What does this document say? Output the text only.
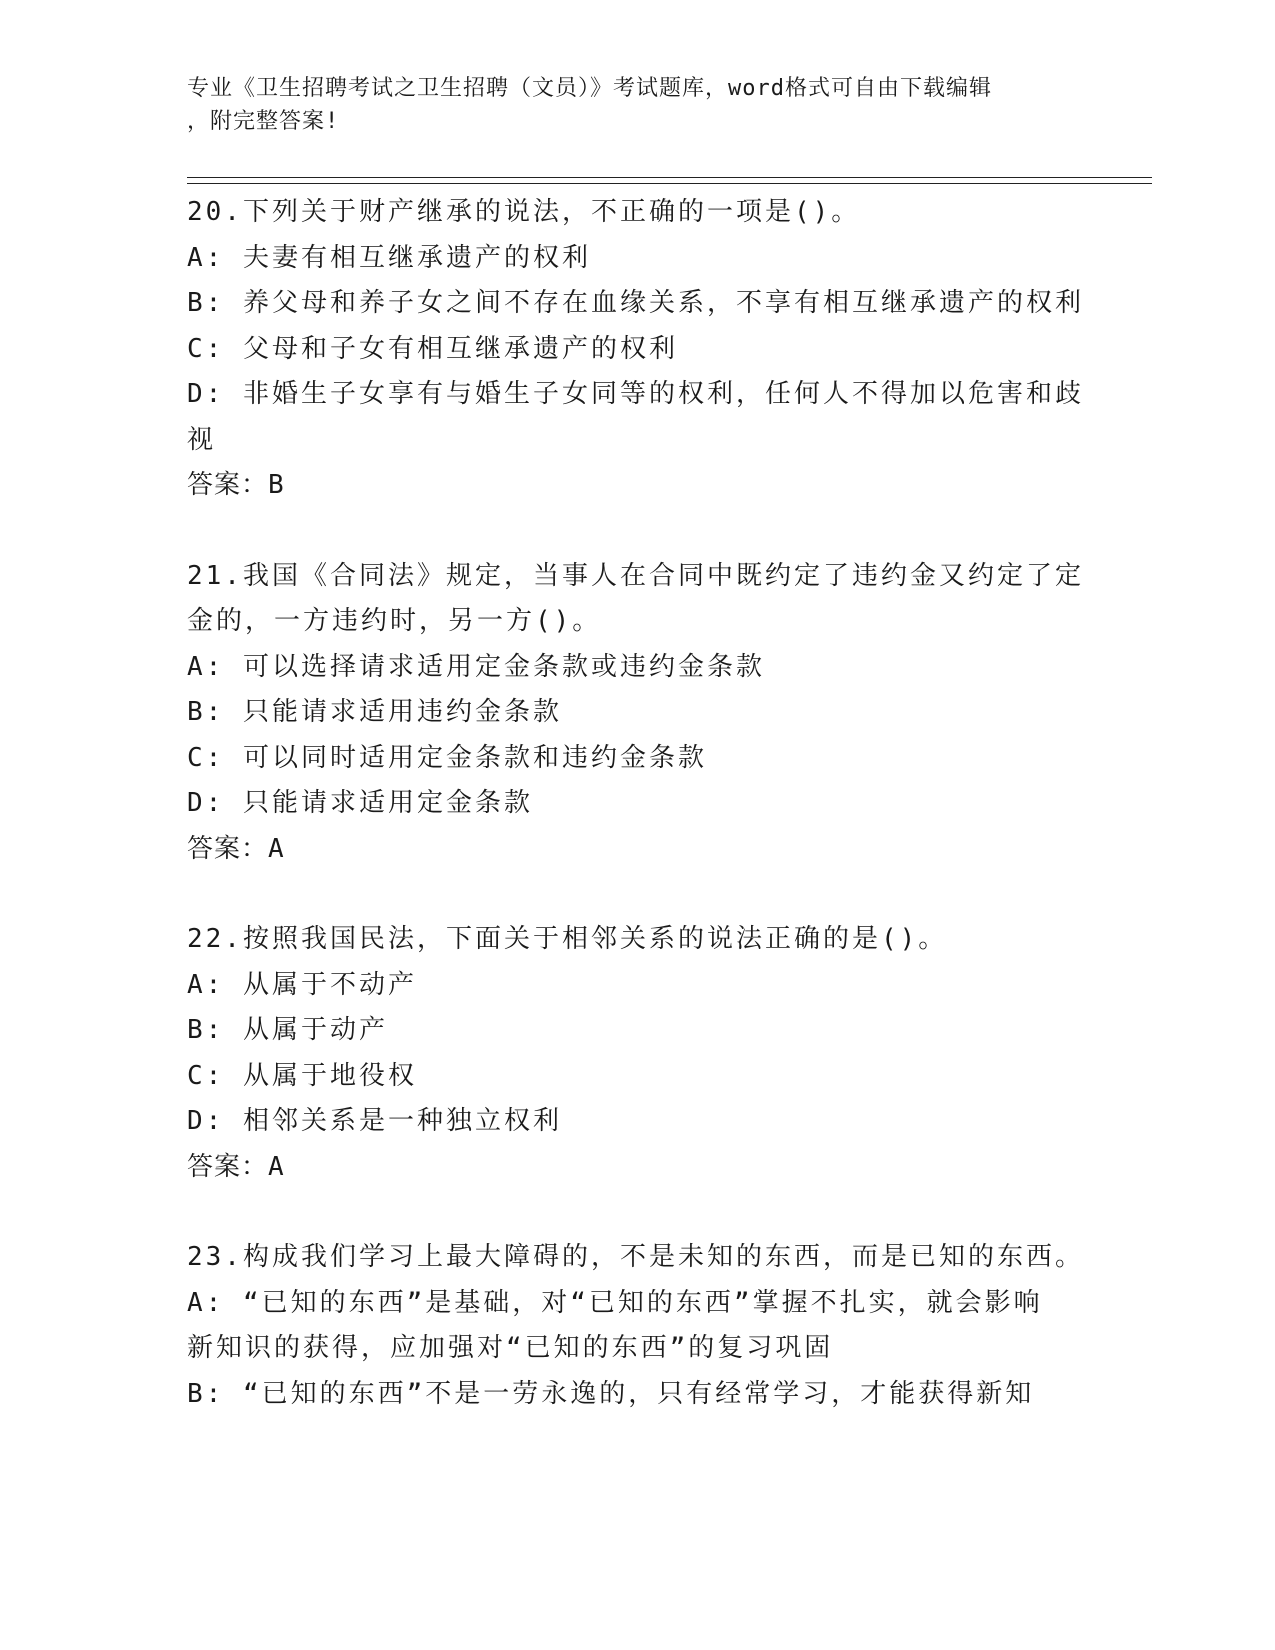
专业《卫生招聘考试之卫生招聘（文员）》考试题库，word格式可自由下载编辑
，附完整答案!
20.下列关于财产继承的说法，不正确的一项是()。
A: 夫妻有相互继承遗产的权利
B: 养父母和养子女之间不存在血缘关系，不享有相互继承遗产的权利
C: 父母和子女有相互继承遗产的权利
D: 非婚生子女享有与婚生子女同等的权利，任何人不得加以危害和歧
视
答案：B
21.我国《合同法》规定，当事人在合同中既约定了违约金又约定了定
金的，一方违约时，另一方()。
A: 可以选择请求适用定金条款或违约金条款
B: 只能请求适用违约金条款
C: 可以同时适用定金条款和违约金条款
D: 只能请求适用定金条款
答案：A
22.按照我国民法，下面关于相邻关系的说法正确的是()。
A: 从属于不动产
B: 从属于动产
C: 从属于地役权
D: 相邻关系是一种独立权利
答案：A
23.构成我们学习上最大障碍的，不是未知的东西，而是已知的东西。
A: “已知的东西”是基础，对“已知的东西”掌握不扎实，就会影响
新知识的获得，应加强对“已知的东西”的复习巩固
B: “已知的东西”不是一劳永逸的，只有经常学习，才能获得新知
